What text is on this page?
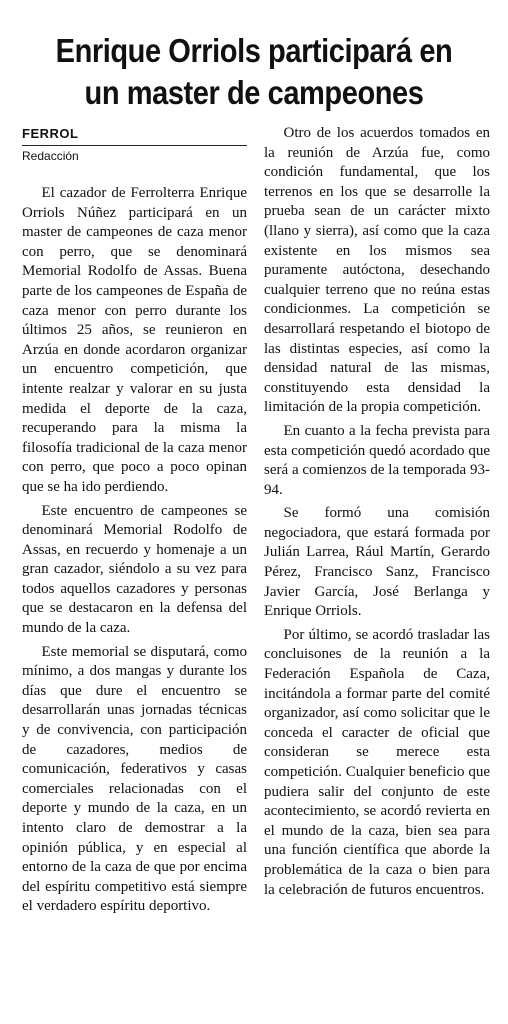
Enrique Orriols participará en
un master de campeones
FERROL
Redacción

El cazador de Ferrolterra Enrique Orriols Núñez participará en un master de campeones de caza menor con perro, que se denominará Memorial Rodolfo de Assas. Buena parte de los campeones de España de caza menor con perro durante los últimos 25 años, se reunieron en Arzúa en donde acordaron organizar un encuentro competición, que intente realzar y valorar en su justa medida el deporte de la caza, recuperando para la misma la filosofía tradicional de la caza menor con perro, que poco a poco opinan que se ha ido perdiendo.

Este encuentro de campeones se denominará Memorial Rodolfo de Assas, en recuerdo y homenaje a un gran cazador, siéndolo a su vez para todos aquellos cazadores y personas que se destacaron en la defensa del mundo de la caza.

Este memorial se disputará, como mínimo, a dos mangas y durante los días que dure el encuentro se desarrollarán unas jornadas técnicas y de convivencia, con participación de cazadores, medios de comunicación, federativos y casas comerciales relacionadas con el deporte y mundo de la caza, en un intento claro de demostrar a la opinión pública, y en especial al entorno de la caza de que por encima del espíritu competitivo está siempre el verdadero espíritu deportivo.

Otro de los acuerdos tomados en la reunión de Arzúa fue, como condición fundamental, que los terrenos en los que se desarrolle la prueba sean de un carácter mixto (llano y sierra), así como que la caza existente en los mismos sea puramente autóctona, desechando cualquier terreno que no reúna estas condicionmes. La competición se desarrollará respetando el biotopo de las distintas especies, así como la densidad natural de las mismas, constituyendo esta densidad la limitación de la propia competición.

En cuanto a la fecha prevista para esta competición quedó acordado que será a comienzos de la temporada 93-94.

Se formó una comisión negociadora, que estará formada por Julián Larrea, Rául Martín, Gerardo Pérez, Francisco Sanz, Francisco Javier García, José Berlanga y Enrique Orriols.

Por último, se acordó trasladar las concluisones de la reunión a la Federación Española de Caza, incitándola a formar parte del comité organizador, así como solicitar que le conceda el caracter de oficial que consideran se merece esta competición. Cualquier beneficio que pudiera salir del conjunto de este acontecimiento, se acordó revierta en el mundo de la caza, bien sea para una función científica que aborde la problemática de la caza o bien para la celebración de futuros encuentros.
